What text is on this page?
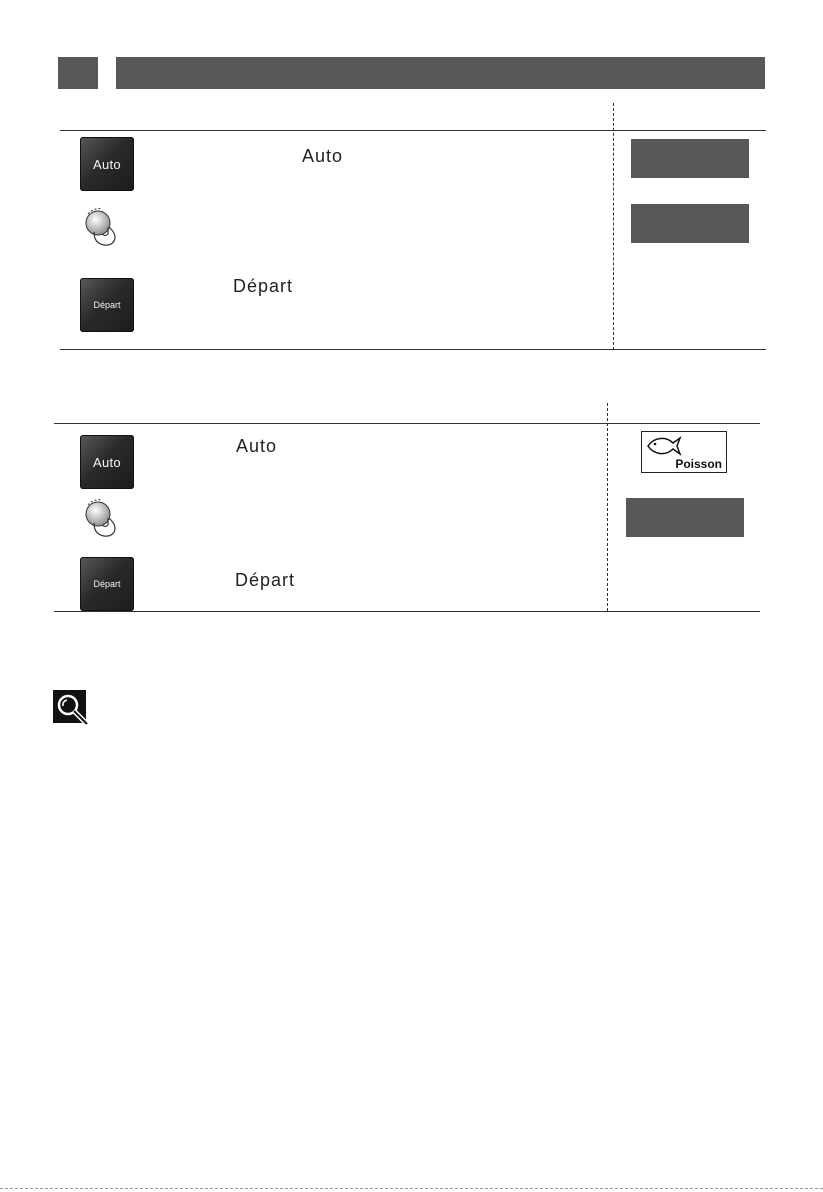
Auto	Auto
Départ
Départ
Auto
Auto
Départ	Départ
Poisson
